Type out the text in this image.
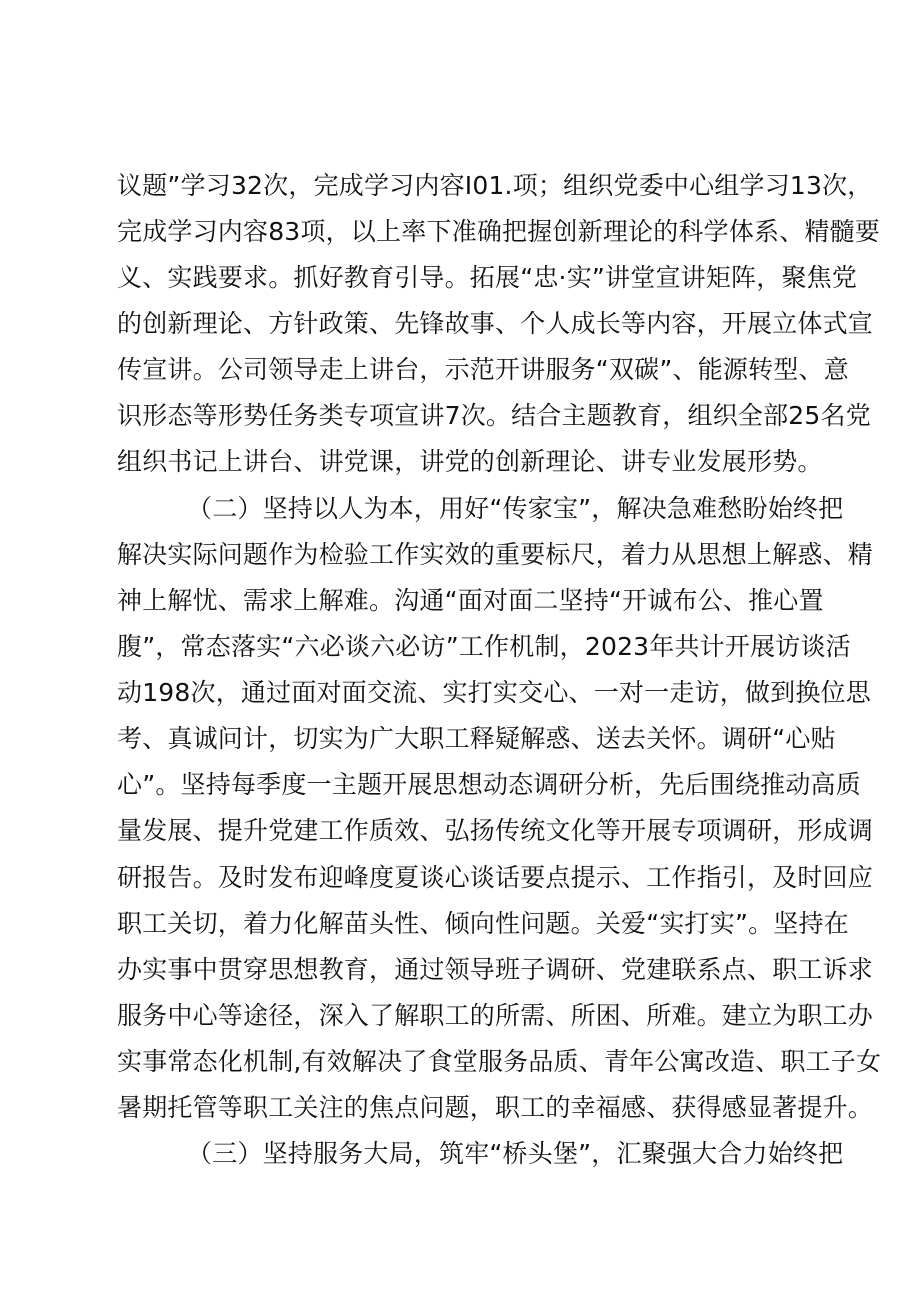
议题”学习32次，完成学习内容I01.项；组织党委中心组学习13次，
完成学习内容83项，以上率下准确把握创新理论的科学体系、精髓要
义、实践要求。抓好教育引导。拓展“忠·实”讲堂宣讲矩阵，聚焦党
的创新理论、方针政策、先锋故事、个人成长等内容，开展立体式宣
传宣讲。公司领导走上讲台，示范开讲服务“双碳”、能源转型、意
识形态等形势任务类专项宣讲7次。结合主题教育，组织全部25名党
组织书记上讲台、讲党课，讲党的创新理论、讲专业发展形势。
（二）坚持以人为本，用好“传家宝”，解决急难愁盼始终把
解决实际问题作为检验工作实效的重要标尺，着力从思想上解惑、精
神上解忧、需求上解难。沟通“面对面二坚持“开诚布公、推心置
腹”，常态落实“六必谈六必访”工作机制，2023年共计开展访谈活
动198次，通过面对面交流、实打实交心、一对一走访，做到换位思
考、真诚问计，切实为广大职工释疑解惑、送去关怀。调研“心贴
心”。坚持每季度一主题开展思想动态调研分析，先后围绕推动高质
量发展、提升党建工作质效、弘扬传统文化等开展专项调研，形成调
研报告。及时发布迎峰度夏谈心谈话要点提示、工作指引，及时回应
职工关切，着力化解苗头性、倾向性问题。关爱“实打实”。坚持在
办实事中贯穿思想教育，通过领导班子调研、党建联系点、职工诉求
服务中心等途径，深入了解职工的所需、所困、所难。建立为职工办
实事常态化机制,有效解决了食堂服务品质、青年公寓改造、职工子女
暑期托管等职工关注的焦点问题，职工的幸福感、获得感显著提升。
（三）坚持服务大局，筑牢“桥头堡”，汇聚强大合力始终把
